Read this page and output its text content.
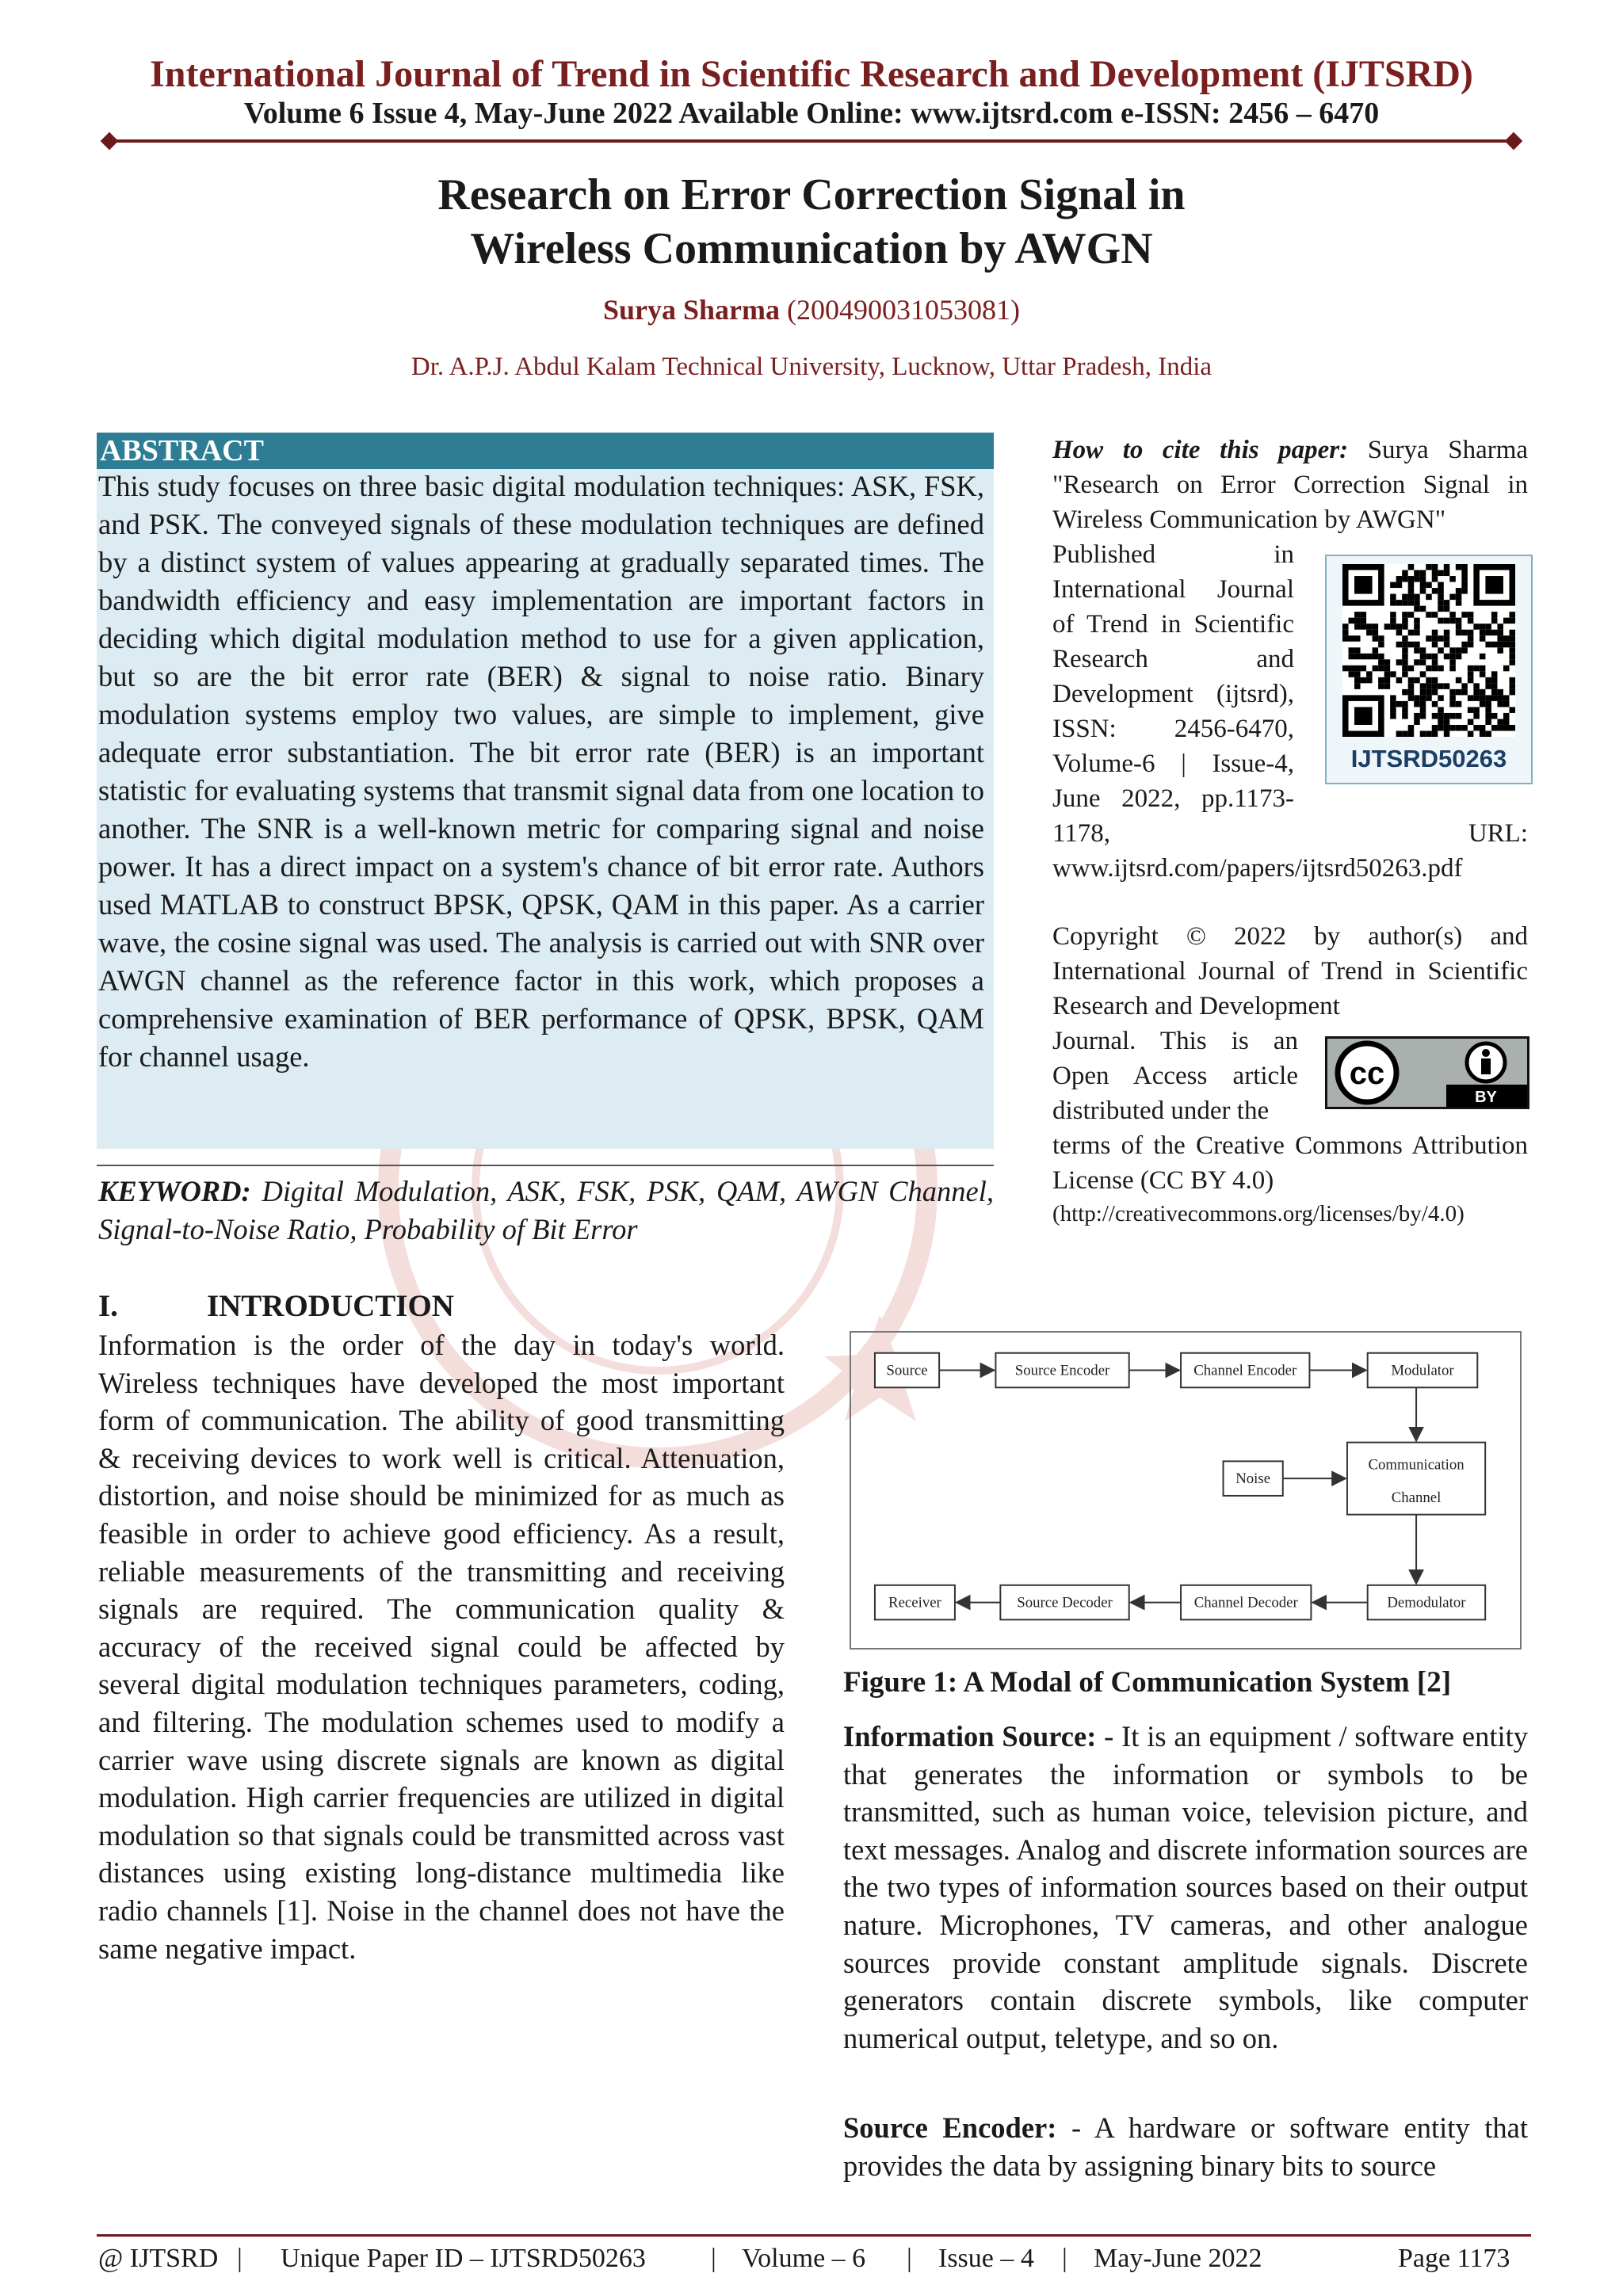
International Journal of Trend in Scientific Research and Development (IJTSRD)
Volume 6 Issue 4, May-June 2022 Available Online: www.ijtsrd.com e-ISSN: 2456 – 6470
Research on Error Correction Signal in
Wireless Communication by AWGN
Surya Sharma (200490031053081)
Dr. A.P.J. Abdul Kalam Technical University, Lucknow, Uttar Pradesh, India
ABSTRACT
This study focuses on three basic digital modulation techniques: ASK, FSK, and PSK. The conveyed signals of these modulation techniques are defined by a distinct system of values appearing at gradually separated times. The bandwidth efficiency and easy implementation are important factors in deciding which digital modulation method to use for a given application, but so are the bit error rate (BER) & signal to noise ratio. Binary modulation systems employ two values, are simple to implement, give adequate error substantiation. The bit error rate (BER) is an important statistic for evaluating systems that transmit signal data from one location to another. The SNR is a well-known metric for comparing signal and noise power. It has a direct impact on a system's chance of bit error rate. Authors used MATLAB to construct BPSK, QPSK, QAM in this paper. As a carrier wave, the cosine signal was used. The analysis is carried out with SNR over AWGN channel as the reference factor in this work, which proposes a comprehensive examination of BER performance of QPSK, BPSK, QAM for channel usage.
KEYWORD: Digital Modulation, ASK, FSK, PSK, QAM, AWGN Channel, Signal-to-Noise Ratio, Probability of Bit Error
How to cite this paper: Surya Sharma "Research on Error Correction Signal in Wireless Communication by AWGN"
Published in International Journal of Trend in Scientific Research and Development (ijtsrd), ISSN: 2456-6470, Volume-6 | Issue-4, June 2022, pp.1173-1178,
IJTSRD50263
URL:
www.ijtsrd.com/papers/ijtsrd50263.pdf
Copyright © 2022 by author(s) and International Journal of Trend in Scientific Research and Development
Journal. This is an Open Access article distributed under the
cc
BY
terms of the Creative Commons Attribution License (CC BY 4.0)
(http://creativecommons.org/licenses/by/4.0)
I.	INTRODUCTION
Information is the order of the day in today's world. Wireless techniques have developed the most important form of communication. The ability of good transmitting & receiving devices to work well is critical. Attenuation, distortion, and noise should be minimized for as much as feasible in order to achieve good efficiency. As a result, reliable measurements of the transmitting and receiving signals are required. The communication quality & accuracy of the received signal could be affected by several digital modulation techniques parameters, coding, and filtering. The modulation schemes used to modify a carrier wave using discrete signals are known as digital modulation. High carrier frequencies are utilized in digital modulation so that signals could be transmitted across vast distances using existing long-distance multimedia like radio channels [1]. Noise in the channel does not have the same negative impact.
Source	Source Encoder	Channel Encoder	Modulator
Noise
Communication
Channel
Receiver	Source Decoder	Channel Decoder	Demodulator
Figure 1: A Modal of Communication System [2]
Information Source: - It is an equipment / software entity that generates the information or symbols to be transmitted, such as human voice, television picture, and text messages. Analog and discrete information sources are the two types of information sources based on their output nature. Microphones, TV cameras, and other analogue sources provide constant amplitude signals. Discrete generators contain discrete symbols, like computer numerical output, teletype, and so on.
Source Encoder: - A hardware or software entity that provides the data by assigning binary bits to source
@ IJTSRD | Unique Paper ID – IJTSRD50263 | Volume – 6 | Issue – 4 | May-June 2022	Page 1173
